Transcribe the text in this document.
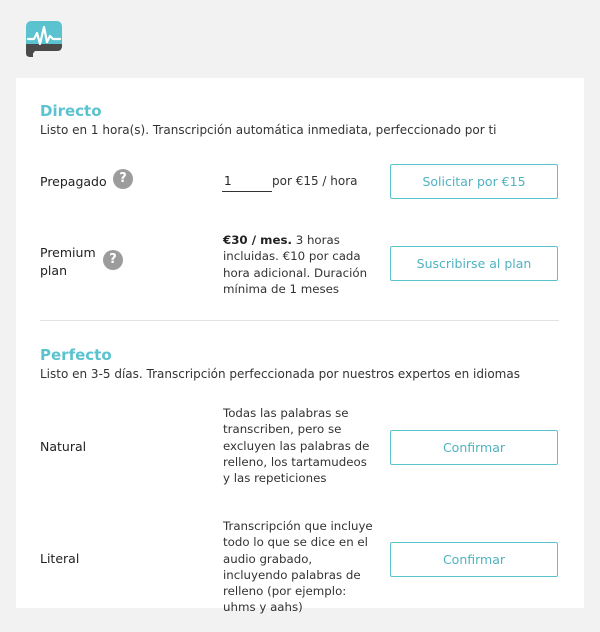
Directo
Listo en 1 hora(s). Transcripción automática inmediata, perfeccionado por ti
Prepagado ?
1	por €15 / hora	Solicitar por €15
Premium
plan
?
€30 / mes. 3 horas incluidas. €10 por cada hora adicional. Duración mínima de 1 meses
Suscribirse al plan
Perfecto
Listo en 3-5 días. Transcripción perfeccionada por nuestros expertos en idiomas
Natural
Todas las palabras se transcriben, pero se excluyen las palabras de relleno, los tartamudeos y las repeticiones
Confirmar
Literal
Transcripción que incluye todo lo que se dice en el audio grabado, incluyendo palabras de relleno (por ejemplo: uhms y aahs)
Confirmar
